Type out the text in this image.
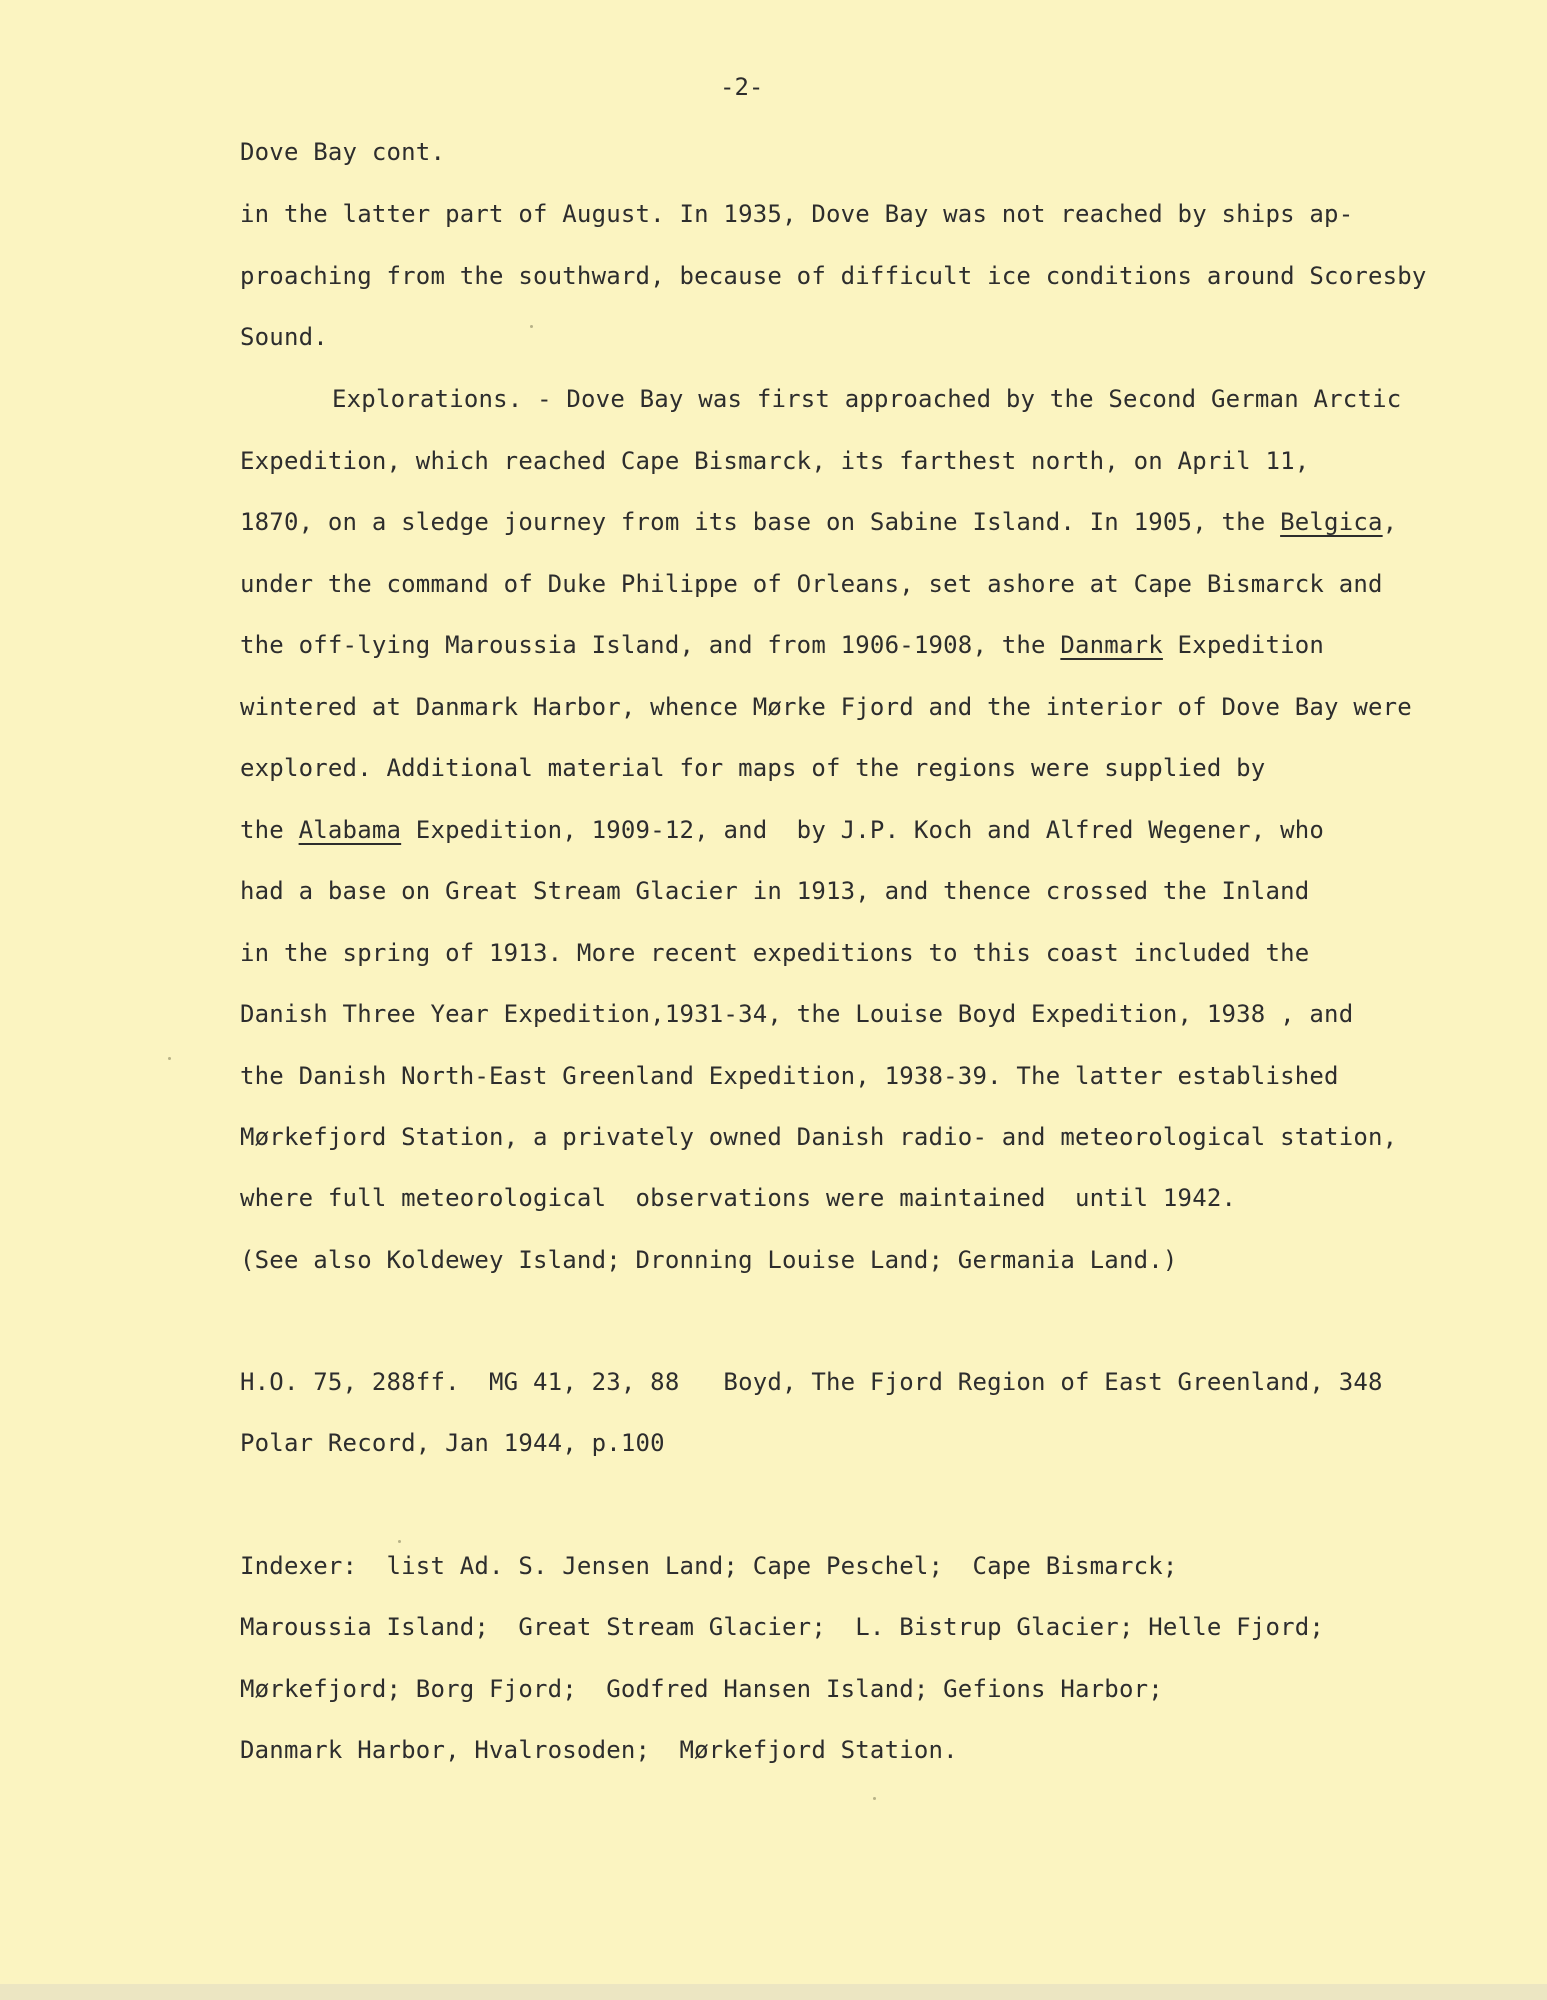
-2-
Dove Bay cont.
in the latter part of August. In 1935, Dove Bay was not reached by ships ap-
proaching from the southward, because of difficult ice conditions around Scoresby
Sound.
Explorations. - Dove Bay was first approached by the Second German Arctic
Expedition, which reached Cape Bismarck, its farthest north, on April 11,
1870, on a sledge journey from its base on Sabine Island. In 1905, the Belgica,
under the command of Duke Philippe of Orleans, set ashore at Cape Bismarck and
the off-lying Maroussia Island, and from 1906-1908, the Danmark Expedition
wintered at Danmark Harbor, whence Mørke Fjord and the interior of Dove Bay were
explored. Additional material for maps of the regions were supplied by
the Alabama Expedition, 1909-12, and  by J.P. Koch and Alfred Wegener, who
had a base on Great Stream Glacier in 1913, and thence crossed the Inland
in the spring of 1913. More recent expeditions to this coast included the
Danish Three Year Expedition,1931-34, the Louise Boyd Expedition, 1938 , and
the Danish North-East Greenland Expedition, 1938-39. The latter established
Mørkefjord Station, a privately owned Danish radio- and meteorological station,
where full meteorological  observations were maintained  until 1942.
(See also Koldewey Island; Dronning Louise Land; Germania Land.)
H.O. 75, 288ff.  MG 41, 23, 88   Boyd, The Fjord Region of East Greenland, 348
Polar Record, Jan 1944, p.100
Indexer:  list Ad. S. Jensen Land; Cape Peschel;  Cape Bismarck;
Maroussia Island;  Great Stream Glacier;  L. Bistrup Glacier; Helle Fjord;
Mørkefjord; Borg Fjord;  Godfred Hansen Island; Gefions Harbor;
Danmark Harbor, Hvalrosoden;  Mørkefjord Station.
